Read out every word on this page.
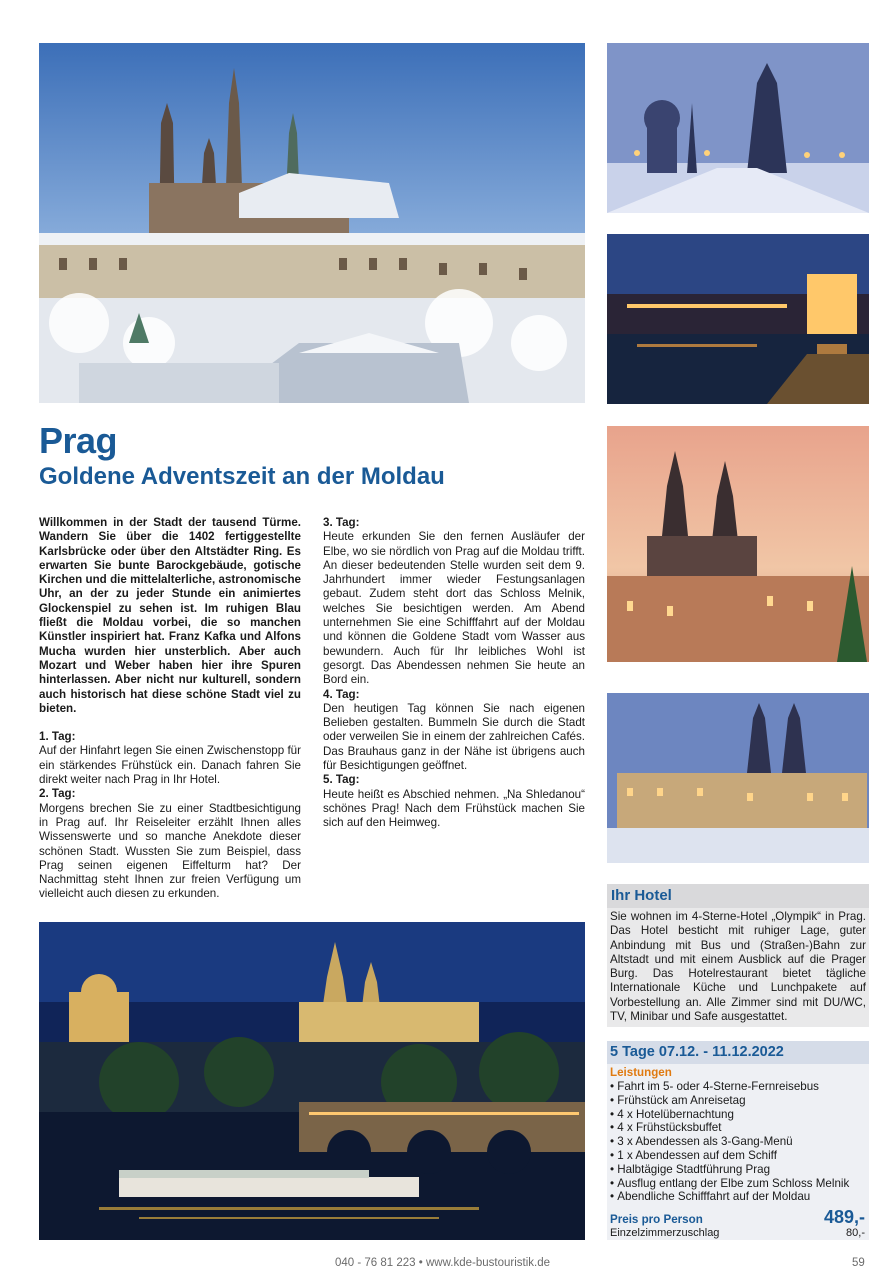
Prag
Goldene Adventszeit an der Moldau
Willkommen in der Stadt der tausend Türme. Wandern Sie über die 1402 fertiggestellte Karlsbrücke oder über den Altstädter Ring. Es erwarten Sie bunte Barockgebäude, gotische Kirchen und die mittelalterliche, astronomische Uhr, an der zu jeder Stunde ein animiertes Glockenspiel zu sehen ist. Im ruhigen Blau fließt die Moldau vorbei, die so manchen Künstler inspiriert hat. Franz Kafka und Alfons Mucha wurden hier unsterblich. Aber auch Mozart und Weber haben hier ihre Spuren hinterlassen. Aber nicht nur kulturell, sondern auch historisch hat diese schöne Stadt viel zu bieten.
1. Tag:
Auf der Hinfahrt legen Sie einen Zwischenstopp für ein stärkendes Frühstück ein. Danach fahren Sie direkt weiter nach Prag in Ihr Hotel.
2. Tag:
Morgens brechen Sie zu einer Stadtbesichtigung in Prag auf. Ihr Reiseleiter erzählt Ihnen alles Wissenswerte und so manche Anekdote dieser schönen Stadt. Wussten Sie zum Beispiel, dass Prag seinen eigenen Eiffelturm hat? Der Nachmittag steht Ihnen zur freien Verfügung um vielleicht auch diesen zu erkunden.
3. Tag:
Heute erkunden Sie den fernen Ausläufer der Elbe, wo sie nördlich von Prag auf die Moldau trifft. An dieser bedeutenden Stelle wurden seit dem 9. Jahrhundert immer wieder Festungsanlagen gebaut. Zudem steht dort das Schloss Melnik, welches Sie besichtigen werden. Am Abend unternehmen Sie eine Schifffahrt auf der Moldau und können die Goldene Stadt vom Wasser aus bewundern. Auch für Ihr leibliches Wohl ist gesorgt. Das Abendessen nehmen Sie heute an Bord ein.
4. Tag:
Den heutigen Tag können Sie nach eigenen Belieben gestalten. Bummeln Sie durch die Stadt oder verweilen Sie in einem der zahlreichen Cafés. Das Brauhaus ganz in der Nähe ist übrigens auch für Besichtigungen geöffnet.
5. Tag:
Heute heißt es Abschied nehmen. „Na Shledanou“ schönes Prag! Nach dem Frühstück machen Sie sich auf den Heimweg.
Ihr Hotel
Sie wohnen im 4-Sterne-Hotel „Olympik“ in Prag. Das Hotel besticht mit ruhiger Lage, guter Anbindung mit Bus und (Straßen-)Bahn zur Altstadt und mit einem Ausblick auf die Prager Burg. Das Hotelrestaurant bietet tägliche Internationale Küche und Lunchpakete auf Vorbestellung an. Alle Zimmer sind mit DU/WC, TV, Minibar und Safe ausgestattet.
5 Tage 07.12. - 11.12.2022
Leistungen
• Fahrt im 5- oder 4-Sterne-Fernreisebus
• Frühstück am Anreisetag
• 4 x Hotelübernachtung
• 4 x Frühstücksbuffet
• 3 x Abendessen als 3-Gang-Menü
• 1 x Abendessen auf dem Schiff
• Halbtägige Stadtführung Prag
• Ausflug entlang der Elbe zum Schloss Melnik
• Abendliche Schifffahrt auf der Moldau
Preis pro Person	489,-
Einzelzimmerzuschlag	80,-
040 - 76 81 223 • www.kde-bustouristik.de	59
